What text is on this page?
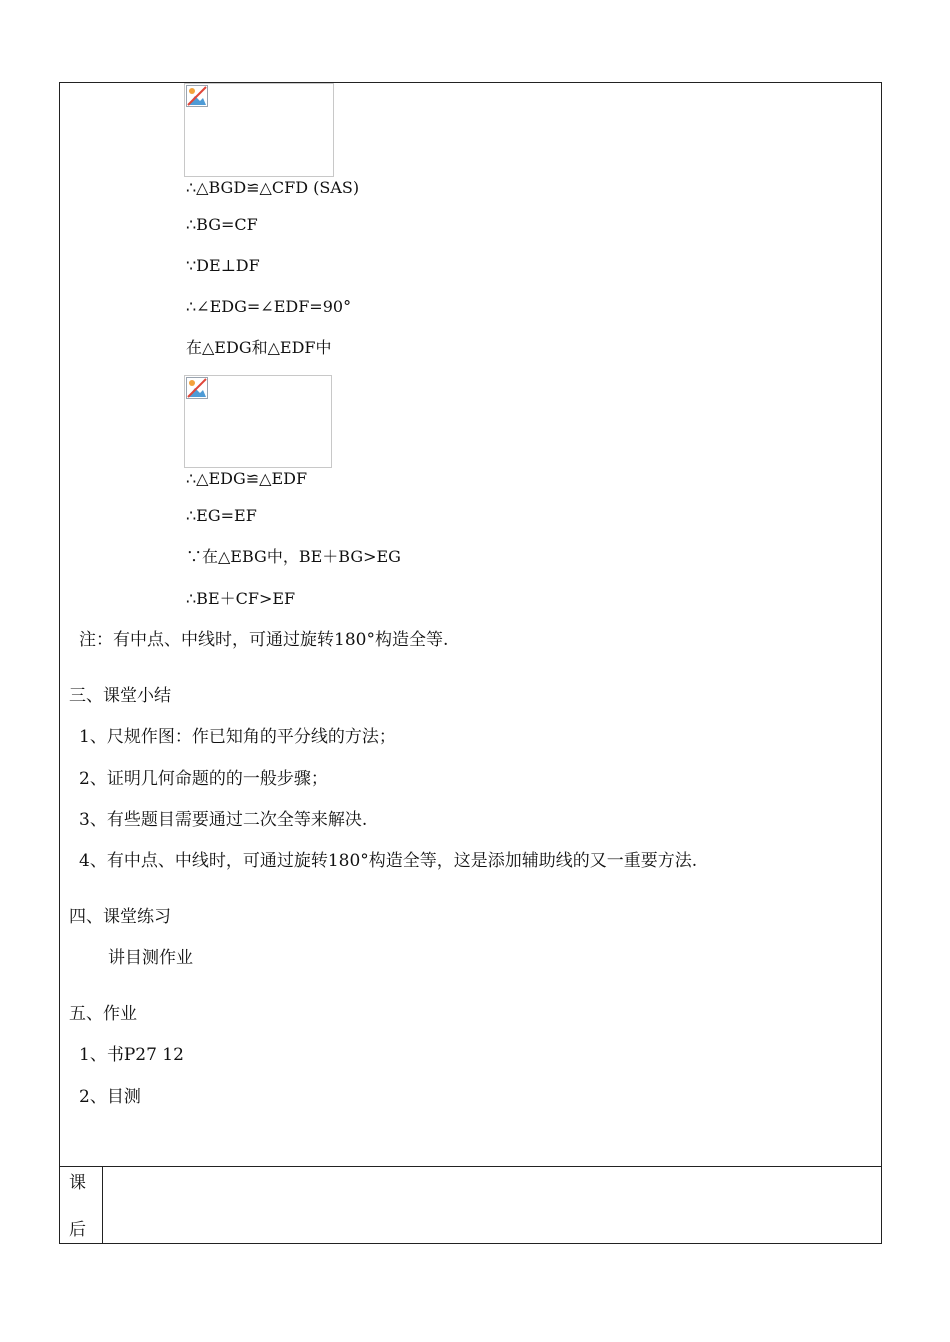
∴△BGD≌△CFD (SAS)
∴BG=CF
∵DE⊥DF
∴∠EDG=∠EDF=90°
在△EDG和△EDF中
∴△EDG≌△EDF
∴EG=EF
∵在△EBG中，BE＋BG>EG
∴BE＋CF>EF
注：有中点、中线时，可通过旋转180°构造全等.
三、课堂小结
1、尺规作图：作已知角的平分线的方法；
2、证明几何命题的的一般步骤；
3、有些题目需要通过二次全等来解决.
4、有中点、中线时，可通过旋转180°构造全等，这是添加辅助线的又一重要方法.
四、课堂练习
讲目测作业
五、作业
1、书P27 12
2、目测
课
后
